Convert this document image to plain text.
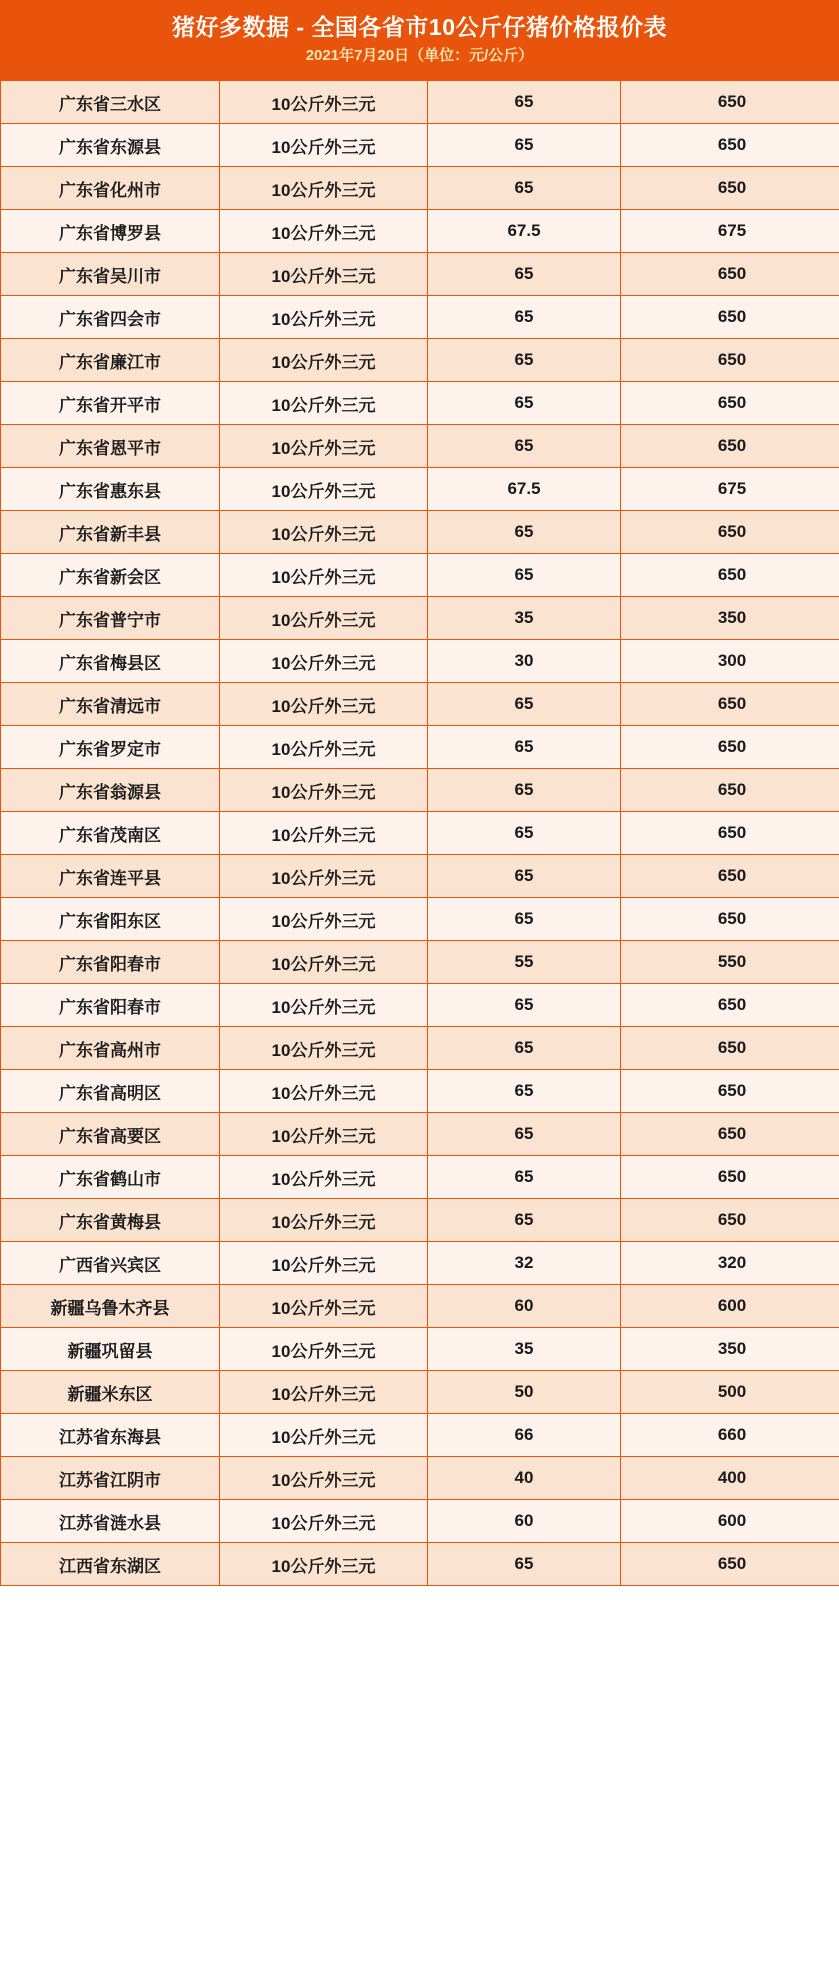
猪好多数据 - 全国各省市10公斤仔猪价格报价表
2021年7月20日（单位：元/公斤）
广东省三水区	10公斤外三元	65	650
广东省东源县	10公斤外三元	65	650
广东省化州市	10公斤外三元	65	650
广东省博罗县	10公斤外三元	67.5	675
广东省吴川市	10公斤外三元	65	650
广东省四会市	10公斤外三元	65	650
广东省廉江市	10公斤外三元	65	650
广东省开平市	10公斤外三元	65	650
广东省恩平市	10公斤外三元	65	650
广东省惠东县	10公斤外三元	67.5	675
广东省新丰县	10公斤外三元	65	650
广东省新会区	10公斤外三元	65	650
广东省普宁市	10公斤外三元	35	350
广东省梅县区	10公斤外三元	30	300
广东省清远市	10公斤外三元	65	650
广东省罗定市	10公斤外三元	65	650
广东省翁源县	10公斤外三元	65	650
广东省茂南区	10公斤外三元	65	650
广东省连平县	10公斤外三元	65	650
广东省阳东区	10公斤外三元	65	650
广东省阳春市	10公斤外三元	55	550
广东省阳春市	10公斤外三元	65	650
广东省高州市	10公斤外三元	65	650
广东省高明区	10公斤外三元	65	650
广东省高要区	10公斤外三元	65	650
广东省鹤山市	10公斤外三元	65	650
广东省黄梅县	10公斤外三元	65	650
广西省兴宾区	10公斤外三元	32	320
新疆乌鲁木齐县	10公斤外三元	60	600
新疆巩留县	10公斤外三元	35	350
新疆米东区	10公斤外三元	50	500
江苏省东海县	10公斤外三元	66	660
江苏省江阴市	10公斤外三元	40	400
江苏省涟水县	10公斤外三元	60	600
江西省东湖区	10公斤外三元	65	650
